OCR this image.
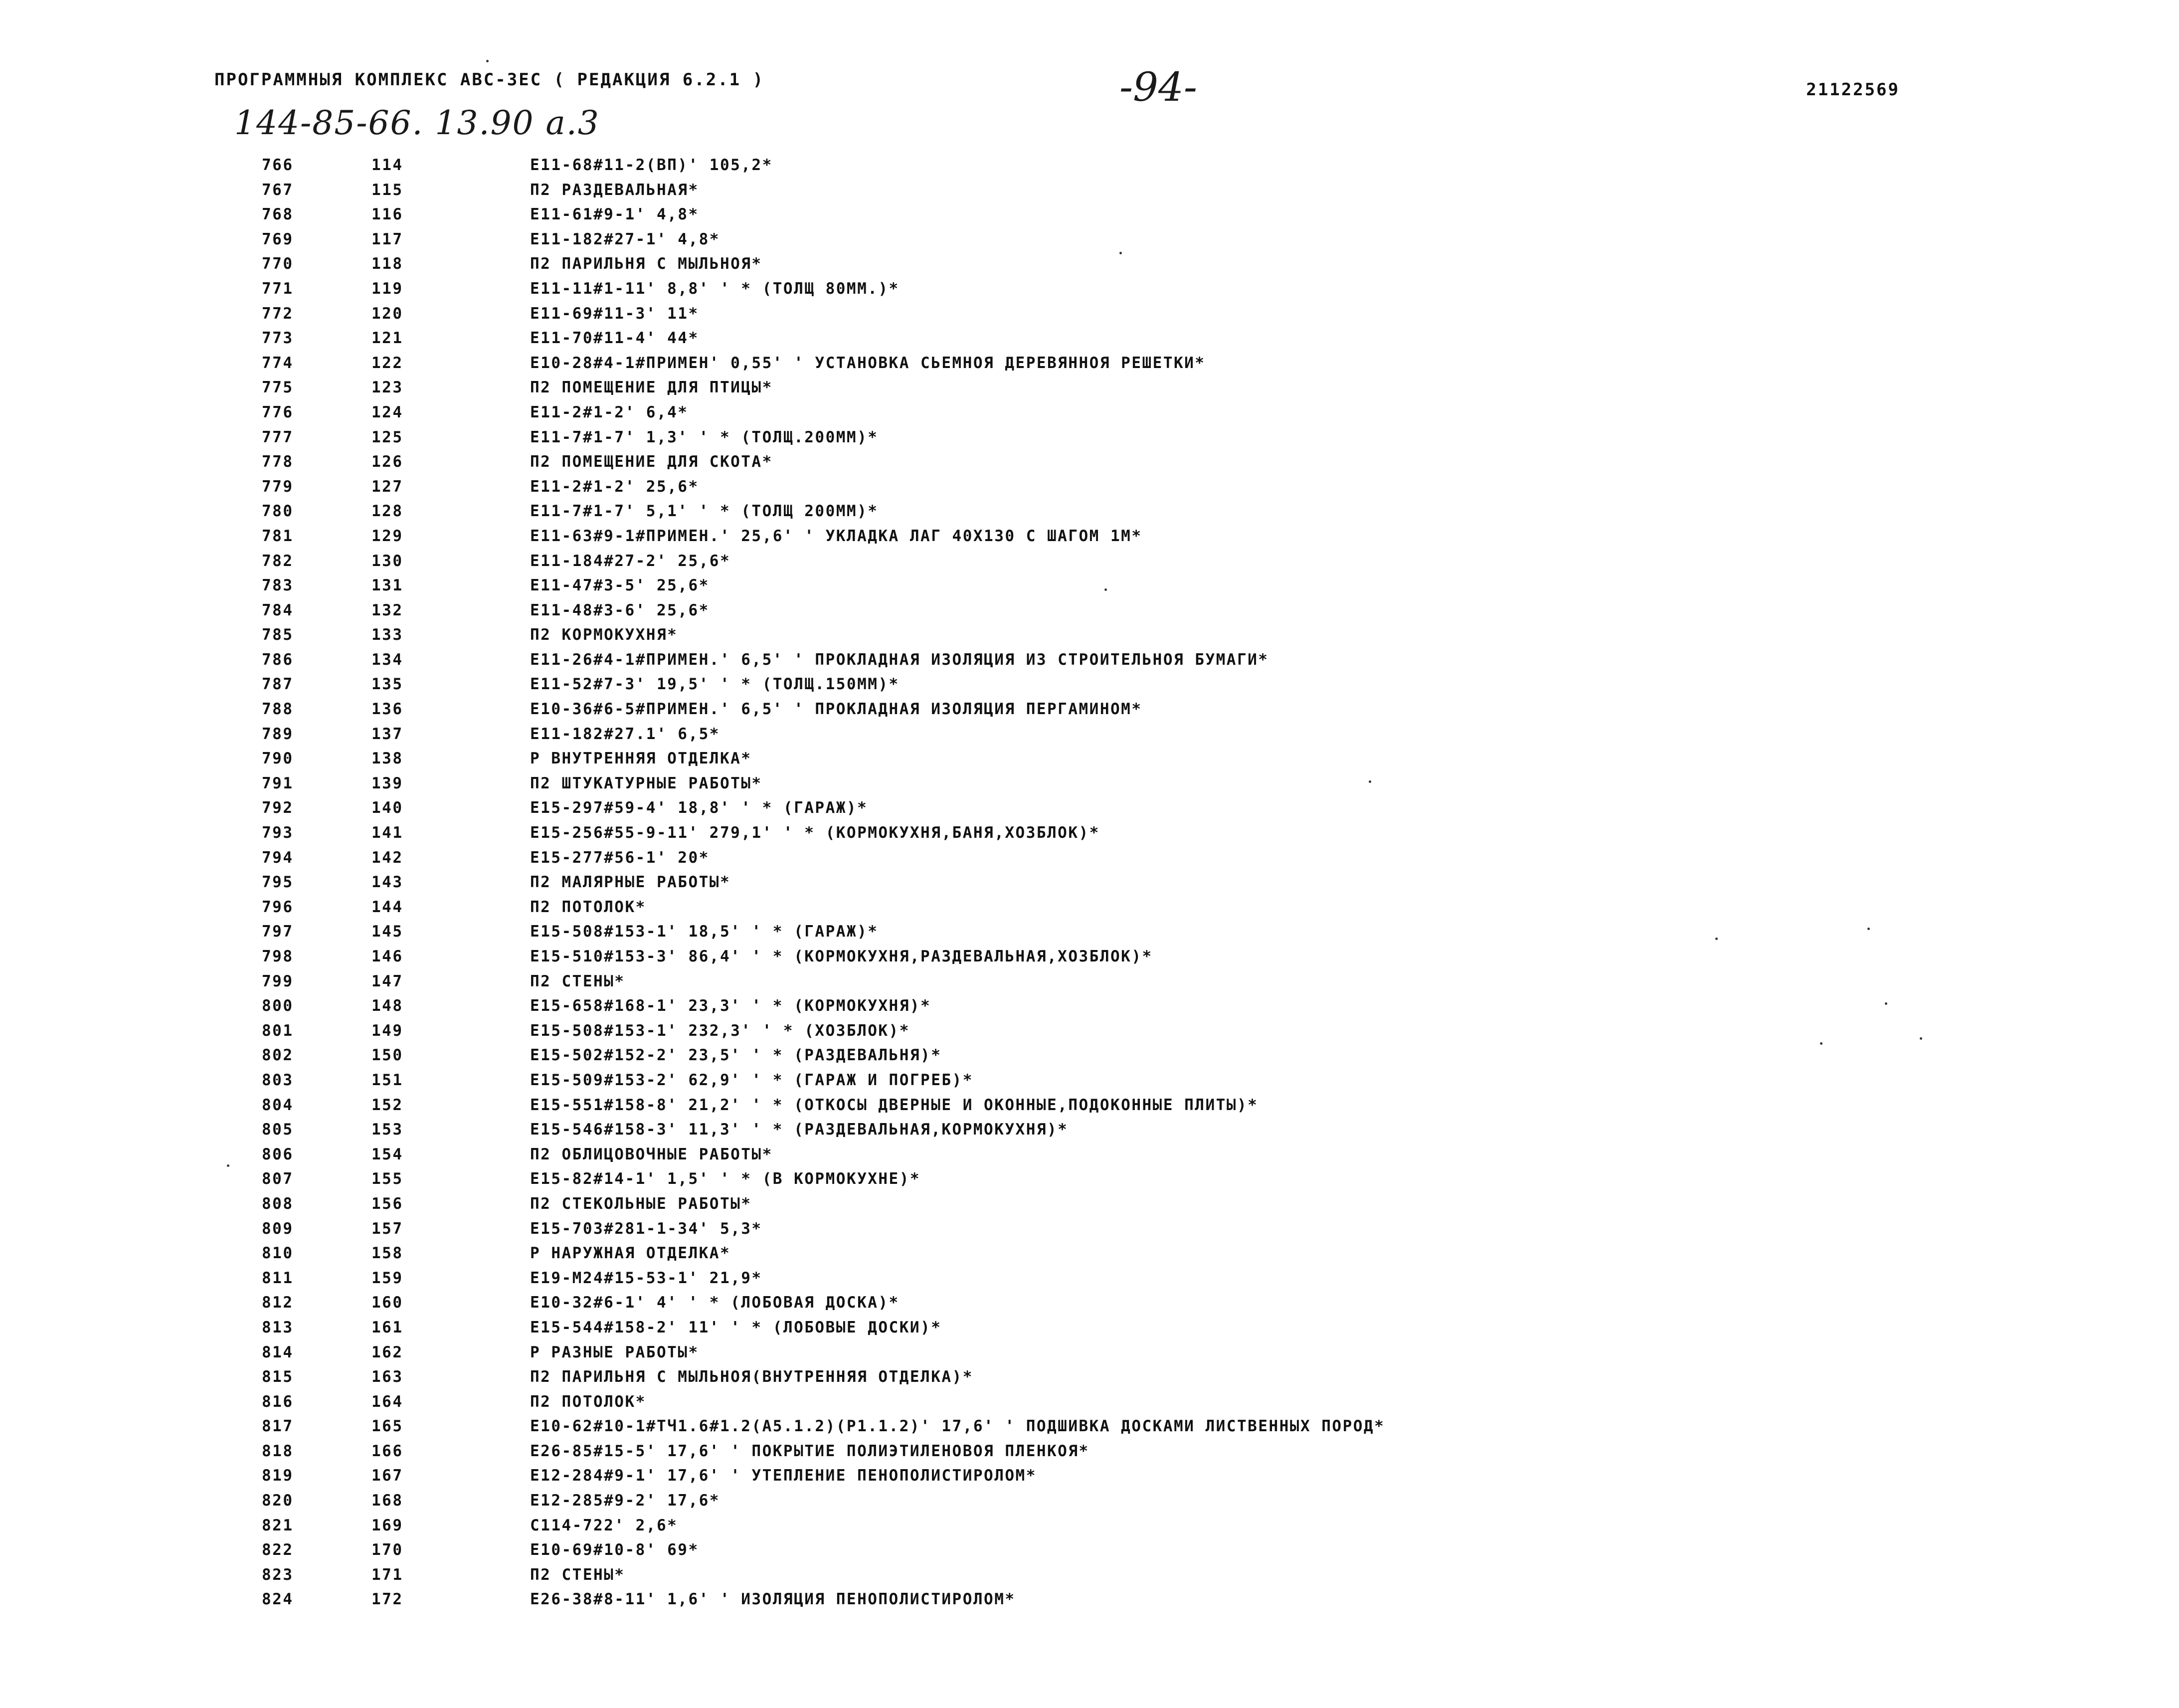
ПРОГРАММНЫЯ КОМПЛЕКС АВС-3ЕС ( РЕДАКЦИЯ 6.2.1 )	21122569
-94-
144-85-66. 13.90 а.3
766	114	Е11-68#11-2(ВП)' 105,2*
767	115	П2 РАЗДЕВАЛЬНАЯ*
768	116	Е11-61#9-1' 4,8*
769	117	Е11-182#27-1' 4,8*
770	118	П2 ПАРИЛЬНЯ С МЫЛЬНОЯ*
771	119	Е11-11#1-11' 8,8' ' * (ТОЛЩ 80ММ.)*
772	120	Е11-69#11-3' 11*
773	121	Е11-70#11-4' 44*
774	122	Е10-28#4-1#ПРИМЕН' 0,55' ' УСТАНОВКА СЬЕМНОЯ ДЕРЕВЯННОЯ РЕШЕТКИ*
775	123	П2 ПОМЕЩЕНИЕ ДЛЯ ПТИЦЫ*
776	124	Е11-2#1-2' 6,4*
777	125	Е11-7#1-7' 1,3' ' * (ТОЛЩ.200ММ)*
778	126	П2 ПОМЕЩЕНИЕ ДЛЯ СКОТА*
779	127	Е11-2#1-2' 25,6*
780	128	Е11-7#1-7' 5,1' ' * (ТОЛЩ 200ММ)*
781	129	Е11-63#9-1#ПРИМЕН.' 25,6' ' УКЛАДКА ЛАГ 40Х130 С ШАГОМ 1М*
782	130	Е11-184#27-2' 25,6*
783	131	Е11-47#3-5' 25,6*
784	132	Е11-48#3-6' 25,6*
785	133	П2 КОРМОКУХНЯ*
786	134	Е11-26#4-1#ПРИМЕН.' 6,5' ' ПРОКЛАДНАЯ ИЗОЛЯЦИЯ ИЗ СТРОИТЕЛЬНОЯ БУМАГИ*
787	135	Е11-52#7-3' 19,5' ' * (ТОЛЩ.150ММ)*
788	136	Е10-36#6-5#ПРИМЕН.' 6,5' ' ПРОКЛАДНАЯ ИЗОЛЯЦИЯ ПЕРГАМИНОМ*
789	137	Е11-182#27.1' 6,5*
790	138	Р ВНУТРЕННЯЯ ОТДЕЛКА*
791	139	П2 ШТУКАТУРНЫЕ РАБОТЫ*
792	140	Е15-297#59-4' 18,8' ' * (ГАРАЖ)*
793	141	Е15-256#55-9-11' 279,1' ' * (КОРМОКУХНЯ,БАНЯ,ХОЗБЛОК)*
794	142	Е15-277#56-1' 20*
795	143	П2 МАЛЯРНЫЕ РАБОТЫ*
796	144	П2 ПОТОЛОК*
797	145	Е15-508#153-1' 18,5' ' * (ГАРАЖ)*
798	146	Е15-510#153-3' 86,4' ' * (КОРМОКУХНЯ,РАЗДЕВАЛЬНАЯ,ХОЗБЛОК)*
799	147	П2 СТЕНЫ*
800	148	Е15-658#168-1' 23,3' ' * (КОРМОКУХНЯ)*
801	149	Е15-508#153-1' 232,3' ' * (ХОЗБЛОК)*
802	150	Е15-502#152-2' 23,5' ' * (РАЗДЕВАЛЬНЯ)*
803	151	Е15-509#153-2' 62,9' ' * (ГАРАЖ И ПОГРЕБ)*
804	152	Е15-551#158-8' 21,2' ' * (ОТКОСЫ ДВЕРНЫЕ И ОКОННЫЕ,ПОДОКОННЫЕ ПЛИТЫ)*
805	153	Е15-546#158-3' 11,3' ' * (РАЗДЕВАЛЬНАЯ,КОРМОКУХНЯ)*
806	154	П2 ОБЛИЦОВОЧНЫЕ РАБОТЫ*
807	155	Е15-82#14-1' 1,5' ' * (В КОРМОКУХНЕ)*
808	156	П2 СТЕКОЛЬНЫЕ РАБОТЫ*
809	157	Е15-703#281-1-34' 5,3*
810	158	Р НАРУЖНАЯ ОТДЕЛКА*
811	159	Е19-М24#15-53-1' 21,9*
812	160	Е10-32#6-1' 4' ' * (ЛОБОВАЯ ДОСКА)*
813	161	Е15-544#158-2' 11' ' * (ЛОБОВЫЕ ДОСКИ)*
814	162	Р РАЗНЫЕ РАБОТЫ*
815	163	П2 ПАРИЛЬНЯ С МЫЛЬНОЯ(ВНУТРЕННЯЯ ОТДЕЛКА)*
816	164	П2 ПОТОЛОК*
817	165	Е10-62#10-1#ТЧ1.6#1.2(А5.1.2)(Р1.1.2)' 17,6' ' ПОДШИВКА ДОСКАМИ ЛИСТВЕННЫХ ПОРОД*
818	166	Е26-85#15-5' 17,6' ' ПОКРЫТИЕ ПОЛИЭТИЛЕНОВОЯ ПЛЕНКОЯ*
819	167	Е12-284#9-1' 17,6' ' УТЕПЛЕНИЕ ПЕНОПОЛИСТИРОЛОМ*
820	168	Е12-285#9-2' 17,6*
821	169	С114-722' 2,6*
822	170	Е10-69#10-8' 69*
823	171	П2 СТЕНЫ*
824	172	Е26-38#8-11' 1,6' ' ИЗОЛЯЦИЯ ПЕНОПОЛИСТИРОЛОМ*
